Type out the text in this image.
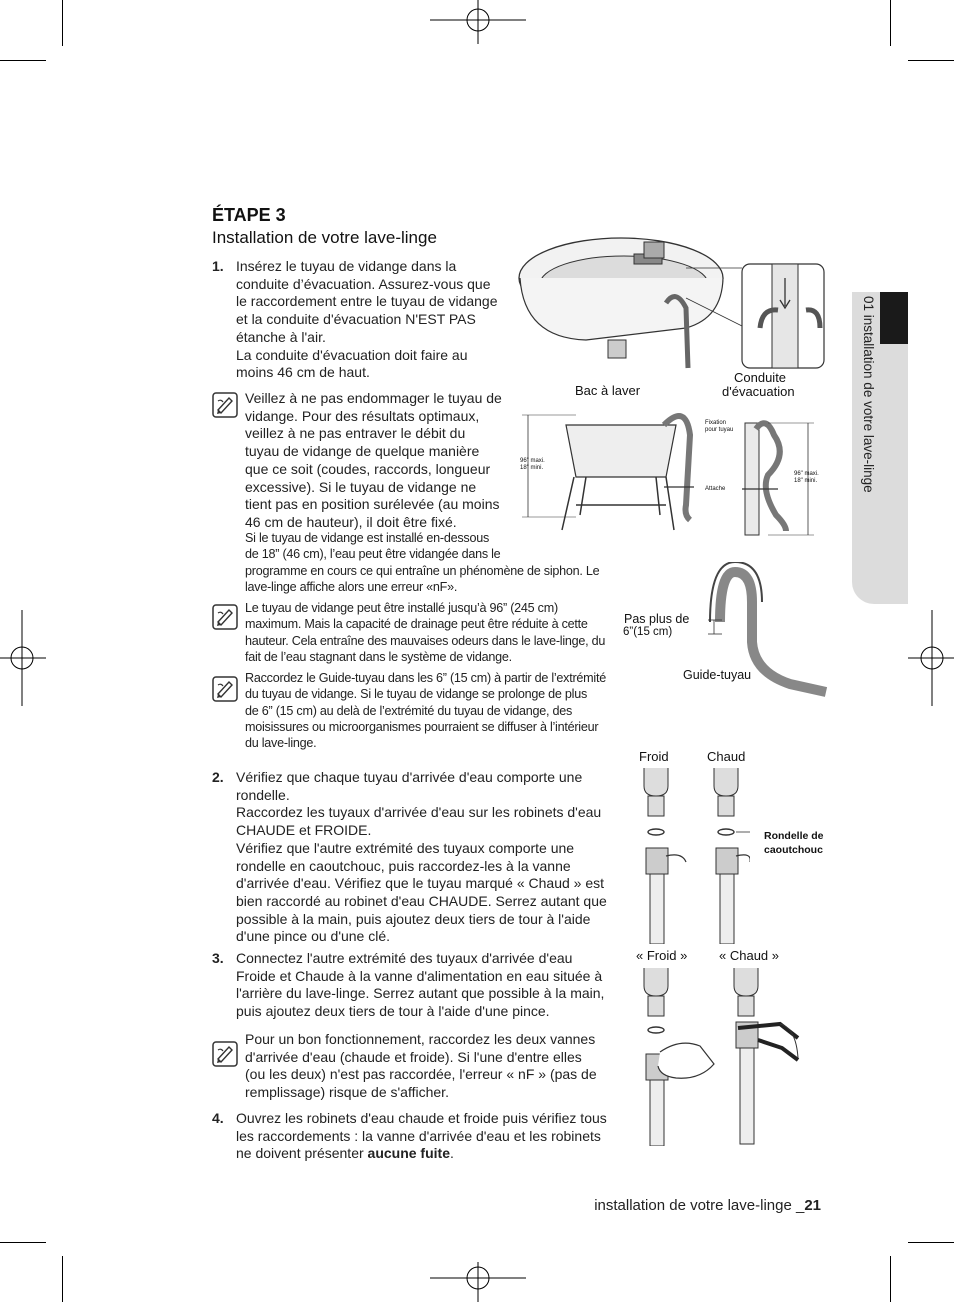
01 installation de votre lave-linge
ÉTAPE 3
Installation de votre lave-linge
1. Insérez le tuyau de vidange dans la
conduite d’évacuation. Assurez-vous que
le raccordement entre le tuyau de vidange
et la conduite d'évacuation N'EST PAS
étanche à l'air.
La conduite d'évacuation doit faire au
moins 46 cm de haut.
Veillez à ne pas endommager le tuyau de
vidange. Pour des résultats optimaux,
veillez à ne pas entraver le débit du
tuyau de vidange de quelque manière
que ce soit (coudes, raccords, longueur
excessive). Si le tuyau de vidange ne
tient pas en position surélevée (au moins
46 cm de hauteur), il doit être fixé.
Si le tuyau de vidange est installé en-dessous
de 18” (46 cm), l’eau peut être vidangée dans le
programme en cours ce qui entraîne un phénomène de siphon. Le
lave-linge affiche alors une erreur «nF».
Le tuyau de vidange peut être installé jusqu’à 96” (245 cm)
maximum. Mais la capacité de drainage peut être réduite à cette
hauteur. Cela entraîne des mauvaises odeurs dans le lave-linge, du
fait de l’eau stagnant dans le système de vidange.
Raccordez le Guide-tuyau dans les 6” (15 cm) à partir de l’extrémité
du tuyau de vidange. Si le tuyau de vidange se prolonge de plus
de 6” (15 cm) au delà de l’extrémité du tuyau de vidange, des
moisissures ou microorganismes pourraient se diffuser à l’intérieur
du lave-linge.
2. Vérifiez que chaque tuyau d'arrivée d'eau comporte une
rondelle.
Raccordez les tuyaux d'arrivée d'eau sur les robinets d'eau
CHAUDE et FROIDE.
Vérifiez que l'autre extrémité des tuyaux comporte une
rondelle en caoutchouc, puis raccordez-les à la vanne
d'arrivée d'eau. Vérifiez que le tuyau marqué « Chaud » est
bien raccordé au robinet d'eau CHAUDE. Serrez autant que
possible à la main, puis ajoutez deux tiers de tour à l'aide
d'une pince ou d'une clé.
3. Connectez l'autre extrémité des tuyaux d'arrivée d'eau
Froide et Chaude à la vanne d'alimentation en eau située à
l'arrière du lave-linge. Serrez autant que possible à la main,
puis ajoutez deux tiers de tour à l'aide d'une pince.
Pour un bon fonctionnement, raccordez les deux vannes
d'arrivée d'eau (chaude et froide). Si l'une d'entre elles
(ou les deux) n'est pas raccordée, l'erreur « nF » (pas de
remplissage) risque de s'afficher.
4. Ouvrez les robinets d'eau chaude et froide puis vérifiez tous
les raccordements : la vanne d'arrivée d'eau et les robinets
ne doivent présenter aucune fuite.
Bac à laver
Conduite
d'évacuation
Fixation
pour tuyau
Attache
96" maxi.
18" mini.
96" maxi.
18" mini.
Pas plus de
6”(15 cm)
Guide-tuyau
Froid	Chaud
Rondelle de
caoutchouc
« Froid » « Chaud »
installation de votre lave-linge _21
